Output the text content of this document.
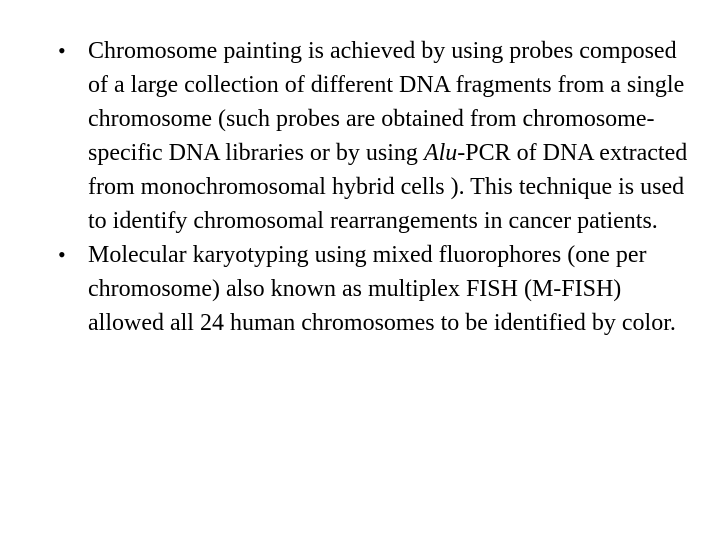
• Chromosome painting is achieved by using probes composed of a large collection of different DNA fragments from a single chromosome (such probes are obtained from chromosome-specific DNA libraries or by using Alu-PCR of DNA extracted from monochromosomal hybrid cells ). This technique is used to identify chromosomal rearrangements in cancer patients.
• Molecular karyotyping using mixed fluorophores (one per chromosome) also known as multiplex FISH (M-FISH) allowed all 24 human chromosomes to be identified by color.
